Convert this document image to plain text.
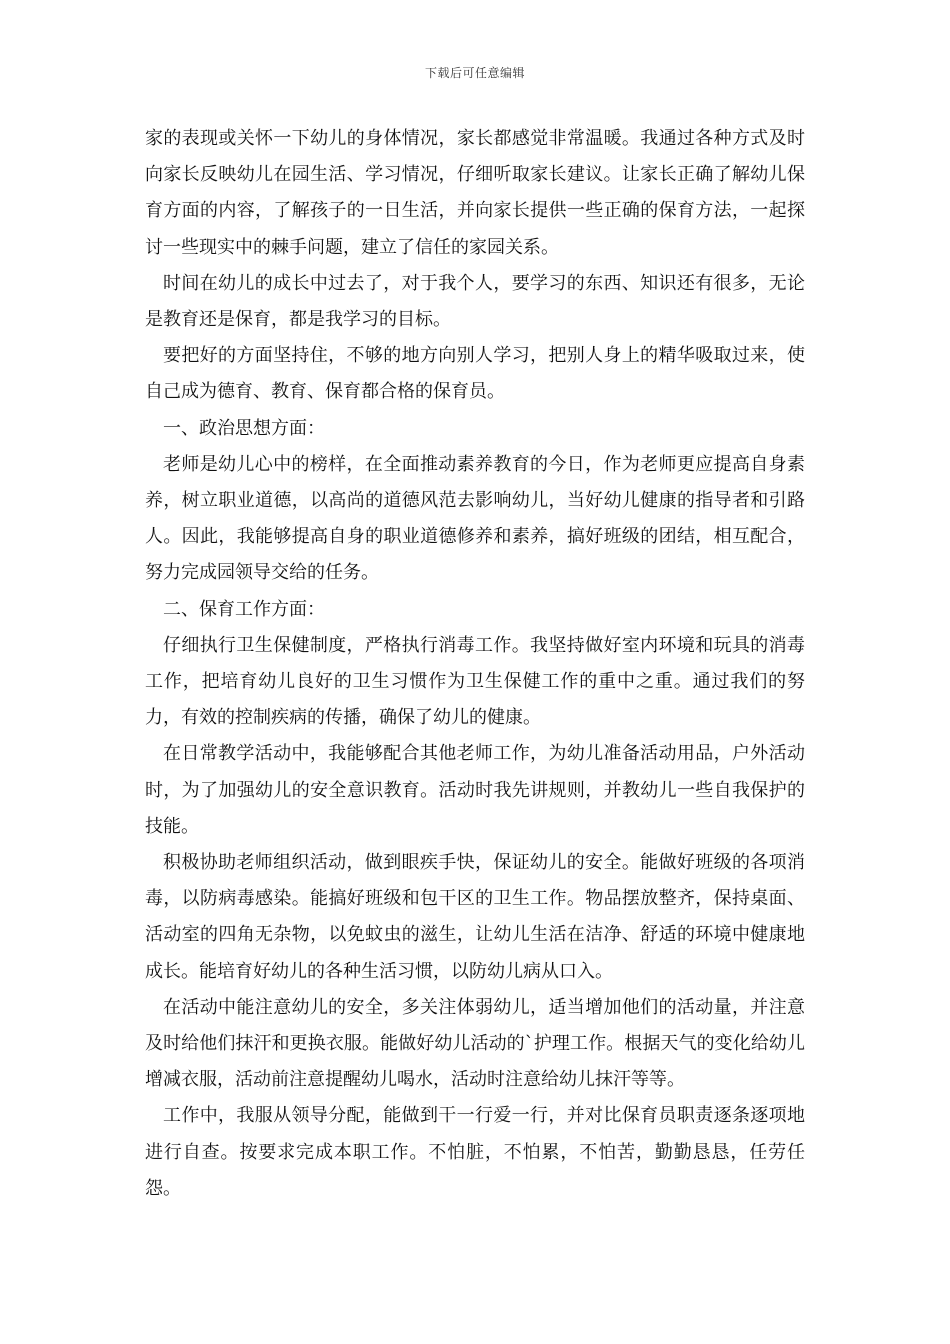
下载后可任意编辑

家的表现或关怀一下幼儿的身体情况，家长都感觉非常温暖。我通过各种方式及时向家长反映幼儿在园生活、学习情况，仔细听取家长建议。让家长正确了解幼儿保育方面的内容，了解孩子的一日生活，并向家长提供一些正确的保育方法，一起探讨一些现实中的棘手问题，建立了信任的家园关系。

时间在幼儿的成长中过去了，对于我个人，要学习的东西、知识还有很多，无论是教育还是保育，都是我学习的目标。

要把好的方面坚持住，不够的地方向别人学习，把别人身上的精华吸取过来，使自己成为德育、教育、保育都合格的保育员。

一、政治思想方面：

老师是幼儿心中的榜样，在全面推动素养教育的今日，作为老师更应提高自身素养，树立职业道德，以高尚的道德风范去影响幼儿，当好幼儿健康的指导者和引路人。因此，我能够提高自身的职业道德修养和素养，搞好班级的团结，相互配合，努力完成园领导交给的任务。

二、保育工作方面：

仔细执行卫生保健制度，严格执行消毒工作。我坚持做好室内环境和玩具的消毒工作，把培育幼儿良好的卫生习惯作为卫生保健工作的重中之重。通过我们的努力，有效的控制疾病的传播，确保了幼儿的健康。

在日常教学活动中，我能够配合其他老师工作，为幼儿准备活动用品，户外活动时，为了加强幼儿的安全意识教育。活动时我先讲规则，并教幼儿一些自我保护的技能。

积极协助老师组织活动，做到眼疾手快，保证幼儿的安全。能做好班级的各项消毒，以防病毒感染。能搞好班级和包干区的卫生工作。物品摆放整齐，保持桌面、活动室的四角无杂物，以免蚊虫的滋生，让幼儿生活在洁净、舒适的环境中健康地成长。能培育好幼儿的各种生活习惯，以防幼儿病从口入。

在活动中能注意幼儿的安全，多关注体弱幼儿，适当增加他们的活动量，并注意及时给他们抹汗和更换衣服。能做好幼儿活动的`护理工作。根据天气的变化给幼儿增减衣服，活动前注意提醒幼儿喝水，活动时注意给幼儿抹汗等等。

工作中，我服从领导分配，能做到干一行爱一行，并对比保育员职责逐条逐项地进行自查。按要求完成本职工作。不怕脏，不怕累，不怕苦，勤勤恳恳，任劳任怨。
